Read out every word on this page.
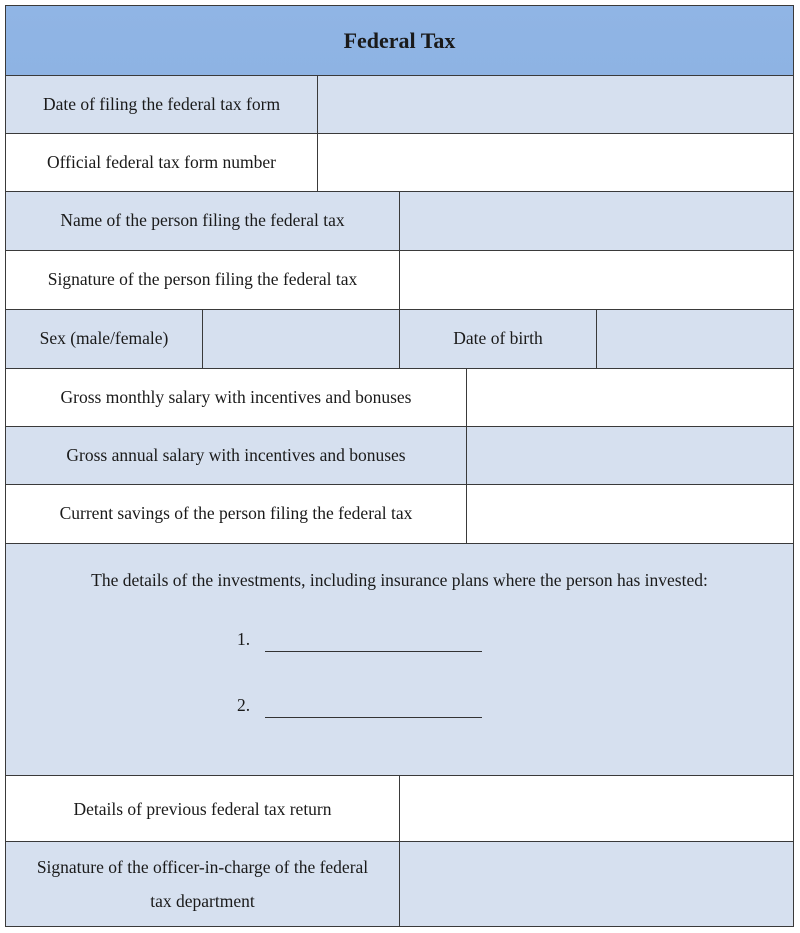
Federal Tax
Date of filing the federal tax form
Official federal tax form number
Name of the person filing the federal tax
Signature of the person filing the federal tax
Sex (male/female)	Date of birth
Gross monthly salary with incentives and bonuses
Gross annual salary with incentives and bonuses
Current savings of the person filing the federal tax
The details of the investments, including insurance plans where the person has invested:
1.
2.
Details of previous federal tax return
Signature of the officer-in-charge of the federal
tax department
